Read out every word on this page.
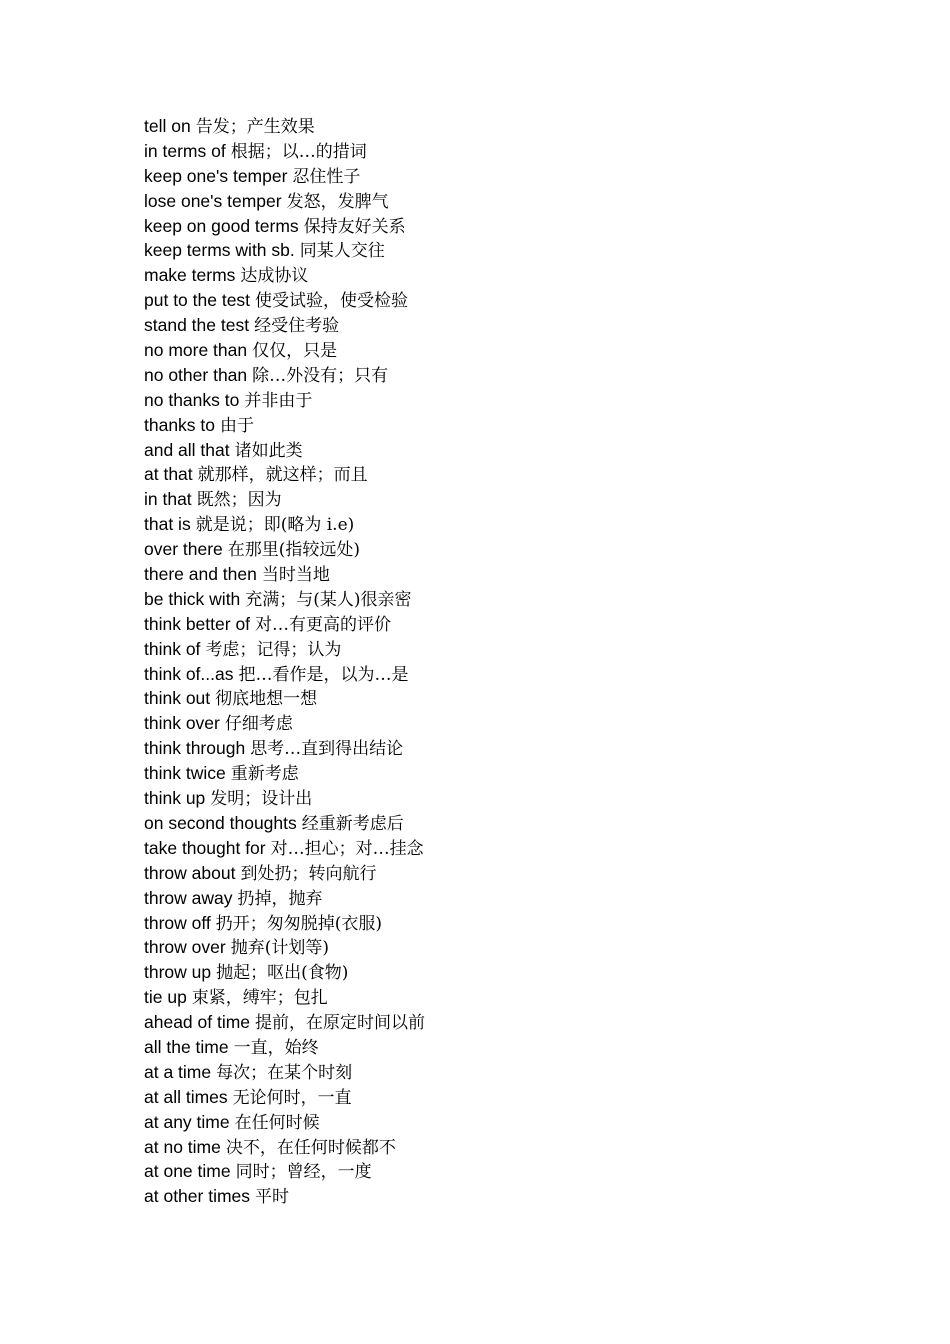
tell on 告发；产生效果
in terms of 根据；以…的措词
keep one's temper 忍住性子
lose one's temper 发怒，发脾气
keep on good terms 保持友好关系
keep terms with sb. 同某人交往
make terms 达成协议
put to the test 使受试验，使受检验
stand the test 经受住考验
no more than 仅仅，只是
no other than 除…外没有；只有
no thanks to 并非由于
thanks to 由于
and all that 诸如此类
at that 就那样，就这样；而且
in that 既然；因为
that is 就是说；即(略为 i.e)
over there 在那里(指较远处)
there and then 当时当地
be thick with 充满；与(某人)很亲密
think better of 对…有更高的评价
think of 考虑；记得；认为
think of...as 把…看作是，以为…是
think out 彻底地想一想
think over 仔细考虑
think through 思考…直到得出结论
think twice 重新考虑
think up 发明；设计出
on second thoughts 经重新考虑后
take thought for 对…担心；对…挂念
throw about 到处扔；转向航行
throw away 扔掉，抛弃
throw off 扔开；匆匆脱掉(衣服)
throw over 抛弃(计划等)
throw up 抛起；呕出(食物)
tie up 束紧，缚牢；包扎
ahead of time 提前，在原定时间以前
all the time 一直，始终
at a time 每次；在某个时刻
at all times 无论何时，一直
at any time 在任何时候
at no time 决不，在任何时候都不
at one time 同时；曾经，一度
at other times 平时
